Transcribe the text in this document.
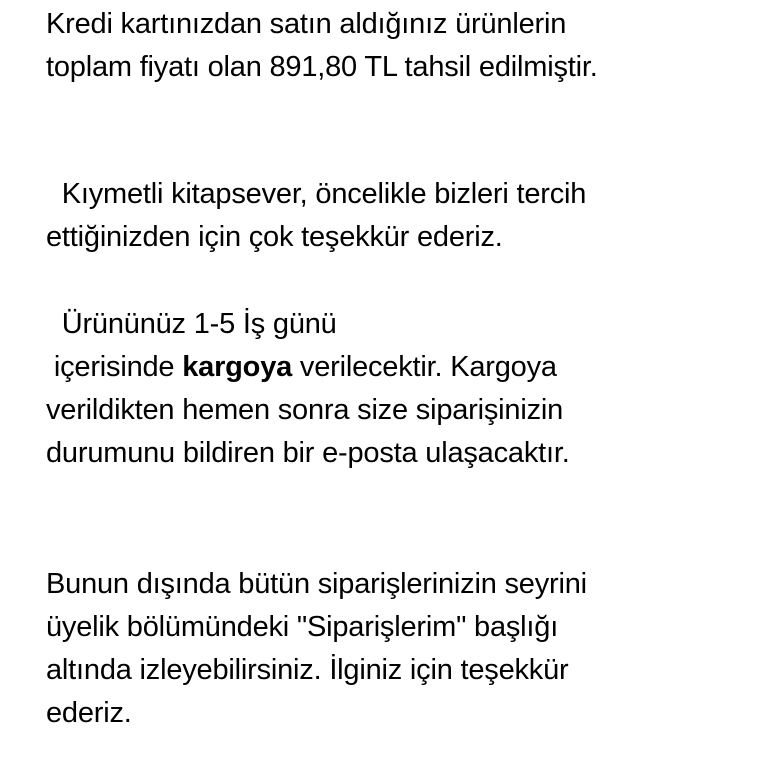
Kredi kartınızdan satın aldığınız ürünlerin
toplam fiyatı olan 891,80 TL tahsil edilmiştir.
Kıymetli kitapsever, öncelikle bizleri tercih
ettiğinizden için çok teşekkür ederiz.
Ürününüz 1-5 İş günü
içerisinde kargoya verilecektir. Kargoya
verildikten hemen sonra size siparişinizin
durumunu bildiren bir e-posta ulaşacaktır.
Bunun dışında bütün siparişlerinizin seyrini
üyelik bölümündeki "Siparişlerim" başlığı
altında izleyebilirsiniz. İlginiz için teşekkür
ederiz.
